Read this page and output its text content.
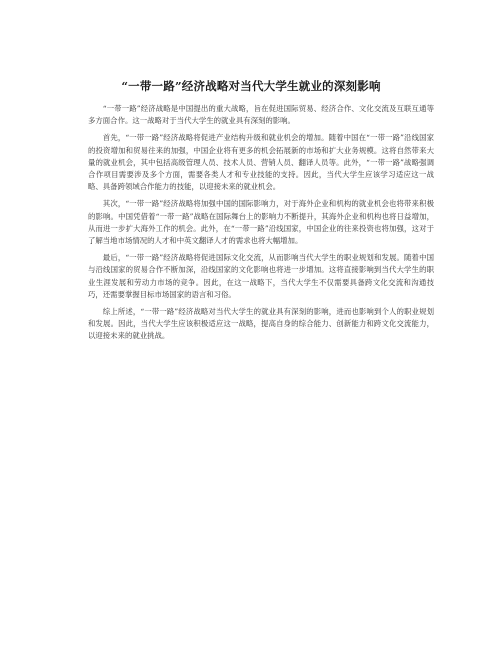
“一带一路”经济战略对当代大学生就业的深刻影响

“一带一路”经济战略是中国提出的重大战略，旨在促进国际贸易、经济合作、文化交流及互联互通等多方面合作。这一战略对于当代大学生的就业具有深刻的影响。

首先，“一带一路”经济战略将促进产业结构升级和就业机会的增加。随着中国在“一带一路”沿线国家的投资增加和贸易往来的加强，中国企业将有更多的机会拓展新的市场和扩大业务规模。这将自然带来大量的就业机会，其中包括高级管理人员、技术人员、营销人员、翻译人员等。此外，“一带一路”战略强调合作项目需要涉及多个方面，需要各类人才和专业技能的支持。因此，当代大学生应该学习适应这一战略、具备跨领域合作能力的技能，以迎接未来的就业机会。

其次，“一带一路”经济战略将加强中国的国际影响力，对于海外企业和机构的就业机会也将带来积极的影响。中国凭借着“一带一路”战略在国际舞台上的影响力不断提升，其海外企业和机构也将日益增加，从而进一步扩大海外工作的机会。此外，在“一带一路”沿线国家，中国企业的往来投资也将加强，这对于了解当地市场情况的人才和中英文翻译人才的需求也将大幅增加。

最后，“一带一路”经济战略将促进国际文化交流，从而影响当代大学生的职业规划和发展。随着中国与沿线国家的贸易合作不断加深，沿线国家的文化影响也将进一步增加。这将直接影响到当代大学生的职业生涯发展和劳动力市场的竞争。因此，在这一战略下，当代大学生不仅需要具备跨文化交流和沟通技巧，还需要掌握目标市场国家的语言和习俗。

综上所述，“一带一路”经济战略对当代大学生的就业具有深刻的影响，进而也影响到个人的职业规划和发展。因此，当代大学生应该积极适应这一战略，提高自身的综合能力、创新能力和跨文化交流能力，以迎接未来的就业挑战。
